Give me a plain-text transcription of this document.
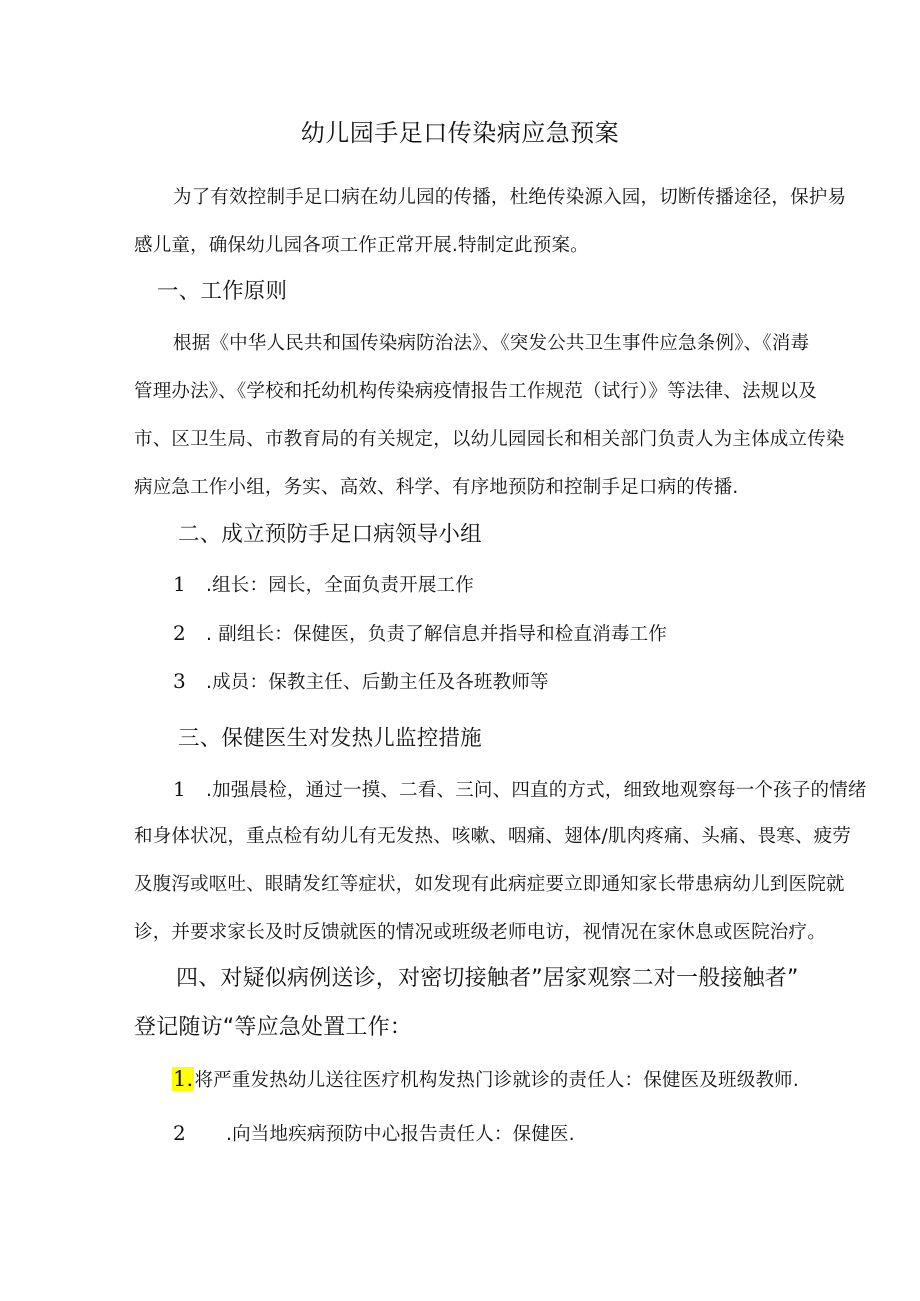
幼儿园手足口传染病应急预案
为了有效控制手足口病在幼儿园的传播，杜绝传染源入园，切断传播途径，保护易
感儿童，确保幼儿园各项工作正常开展.特制定此预案。
一、工作原则
根据《中华人民共和国传染病防治法》、《突发公共卫生事件应急条例》、《消毒
管理办法》、《学校和托幼机构传染病疫情报告工作规范（试行）》等法律、法规以及
市、区卫生局、市教育局的有关规定，以幼儿园园长和相关部门负责人为主体成立传染
病应急工作小组，务实、高效、科学、有序地预防和控制手足口病的传播.
二、成立预防手足口病领导小组
1 .组长：园长，全面负责开展工作
2 . 副组长：保健医，负责了解信息并指导和检直消毒工作
3 .成员：保教主任、后勤主任及各班教师等
三、保健医生对发热儿监控措施
1 .加强晨检，通过一摸、二看、三问、四直的方式，细致地观察每一个孩子的情绪
和身体状况，重点检有幼儿有无发热、咳嗽、咽痛、翅体/肌肉疼痛、头痛、畏寒、疲劳
及腹泻或呕吐、眼睛发红等症状，如发现有此病症要立即通知家长带患病幼儿到医院就
诊，并要求家长及时反馈就医的情况或班级老师电访，视情况在家休息或医院治疗。
四、对疑似病例送诊，对密切接触者”居家观察二对一般接触者”
登记随访“等应急处置工作：
1.将严重发热幼儿送往医疗机构发热门诊就诊的责任人：保健医及班级教师.
2 .向当地疾病预防中心报告责任人：保健医.
